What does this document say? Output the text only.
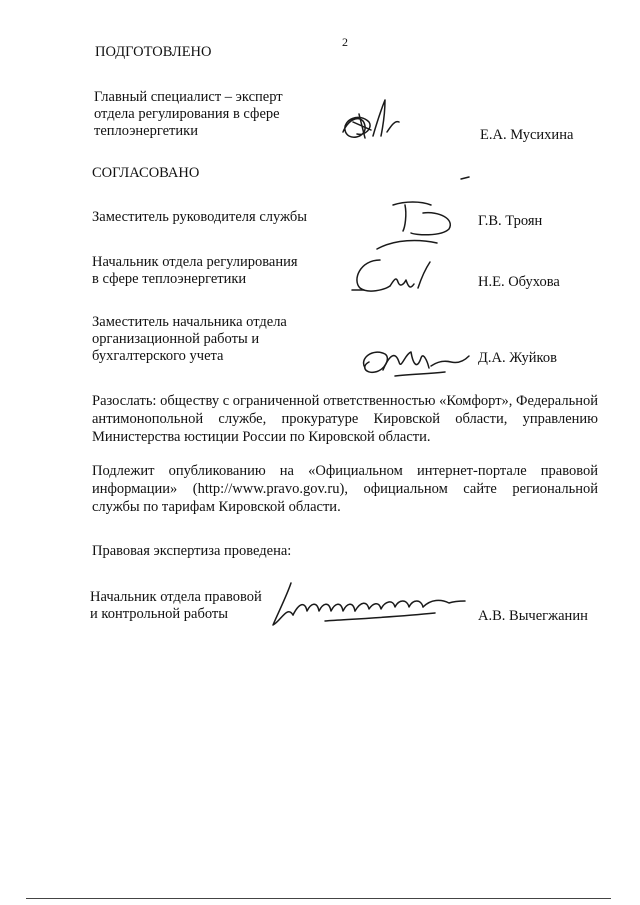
2
ПОДГОТОВЛЕНО
Главный специалист – эксперт
отдела регулирования в сфере
теплоэнергетики	Е.А. Мусихина
СОГЛАСОВАНО
Заместитель руководителя службы	Г.В. Троян
Начальник отдела регулирования
в сфере теплоэнергетики	Н.Е. Обухова
Заместитель начальника отдела
организационной работы и
бухгалтерского учета	Д.А. Жуйков
Разослать: обществу с ограниченной ответственностью «Комфорт», Федеральной антимонопольной службе, прокуратуре Кировской области, управлению Министерства юстиции России по Кировской области.
Подлежит опубликованию на «Официальном интернет-портале правовой информации» (http://www.pravo.gov.ru), официальном сайте региональной службы по тарифам Кировской области.
Правовая экспертиза проведена:
Начальник отдела правовой
и контрольной работы	А.В. Вычегжанин
